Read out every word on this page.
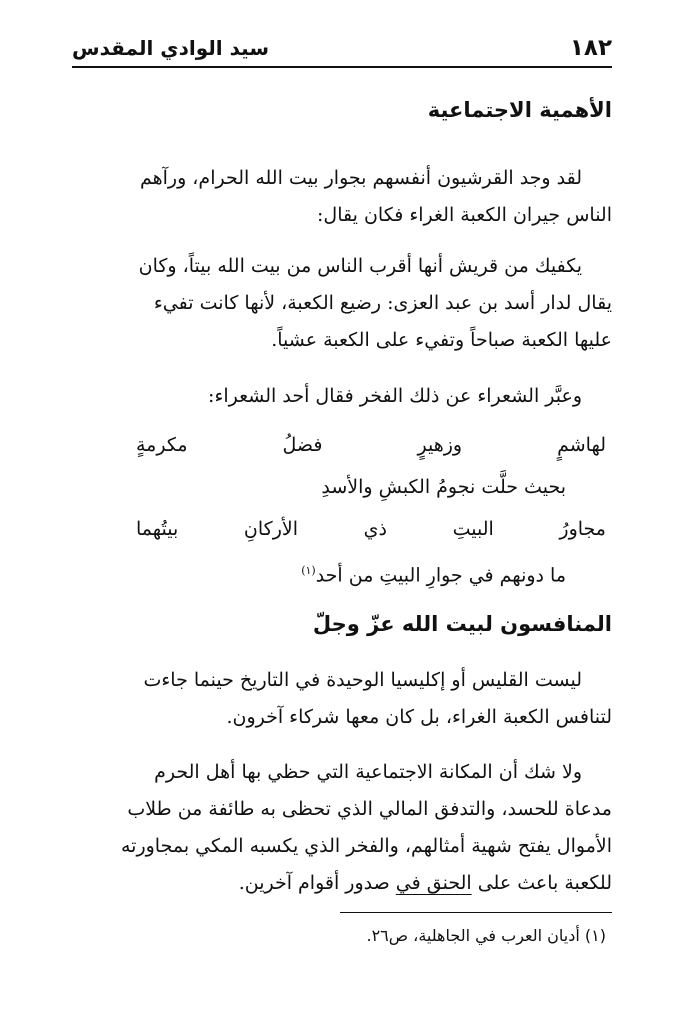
١٨٢
سيد الوادي المقدس
الأهمية الاجتماعية

لقد وجد القرشيون أنفسهم بجوار بيت الله الحرام، ورآهم
الناس جيران الكعبة الغراء فكان يقال:

يكفيك من قريش أنها أقرب الناس من بيت الله بيتاً، وكان
يقال لدار أسد بن عبد العزى: رضيع الكعبة، لأنها كانت تفيء
عليها الكعبة صباحاً وتفيء على الكعبة عشياً.

وعبَّر الشعراء عن ذلك الفخر فقال أحد الشعراء:

لهاشمٍ وزهيرٍ فضلُ مكرمةٍ
بحيث حلَّت نجومُ الكبشِ والأسدِ
مجاورُ البيتِ ذي الأركانِ بيتُهما
ما دونهم في جوارِ البيتِ من أحد$^{(١)}$
المنافسون لبيت الله عزّ وجلّ

ليست القليس أو إكليسيا الوحيدة في التاريخ حينما جاءت
لتنافس الكعبة الغراء، بل كان معها شركاء آخرون.

ولا شك أن المكانة الاجتماعية التي حظي بها أهل الحرم
مدعاة للحسد، والتدفق المالي الذي تحظى به طائفة من طلاب
الأموال يفتح شهية أمثالهم، والفخر الذي يكسبه المكي بمجاورته
للكعبة باعث على الحنق في صدور أقوام آخرين.

(١) أديان العرب في الجاهلية، ص٢٦.
